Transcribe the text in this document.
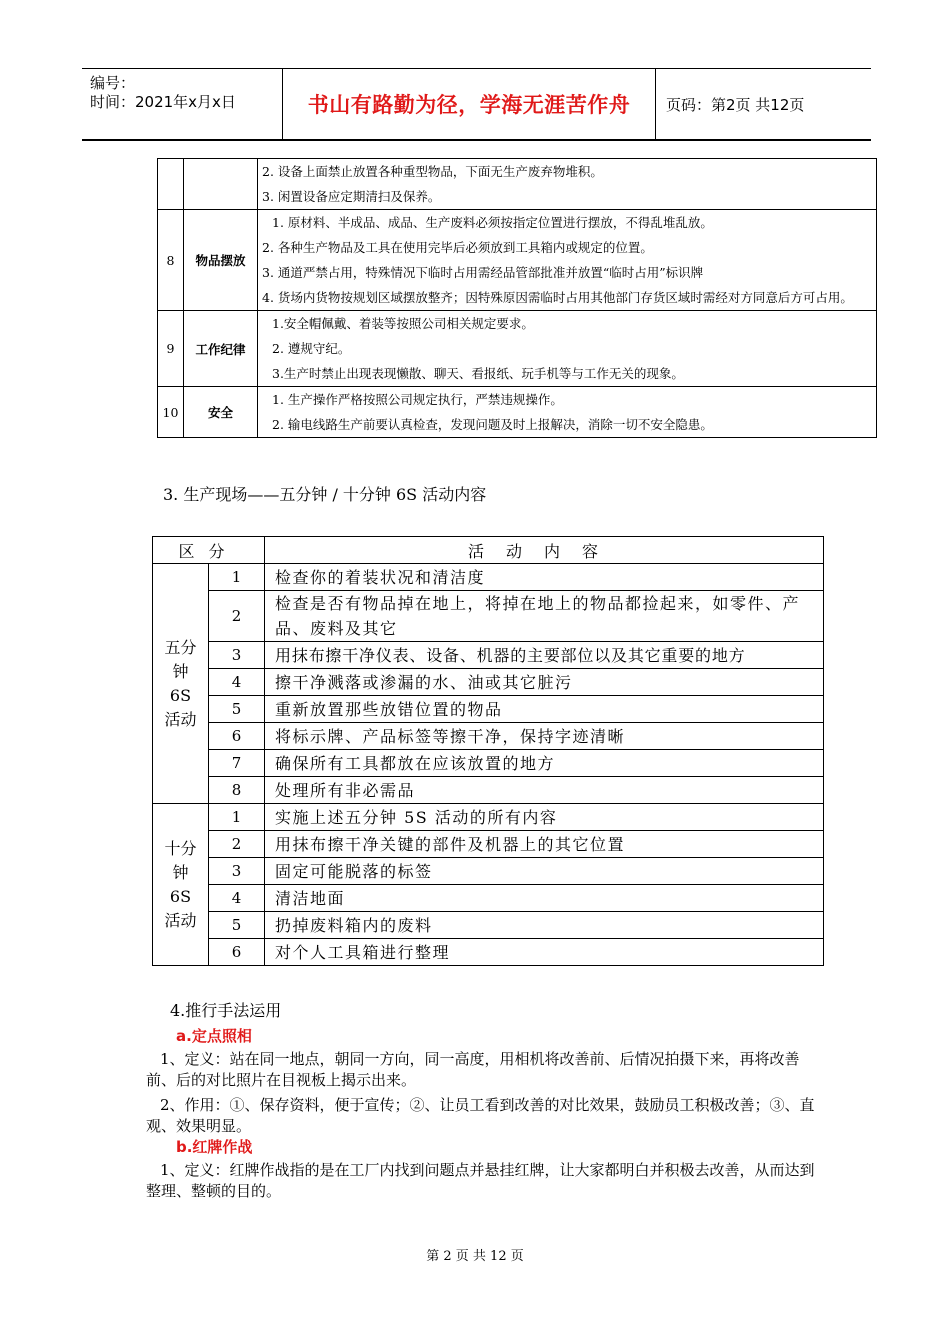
编号：
时间：2021年x月x日	书山有路勤为径，学海无涯苦作舟	页码：第2页 共12页

		2. 设备上面禁止放置各种重型物品，下面无生产废弃物堆积。
3. 闲置设备应定期清扫及保养。

8	物品摆放	1. 原材料、半成品、成品、生产废料必须按指定位置进行摆放，不得乱堆乱放。
2. 各种生产物品及工具在使用完毕后必须放到工具箱内或规定的位置。
3. 通道严禁占用，特殊情况下临时占用需经品管部批准并放置“临时占用”标识牌
4. 货场内货物按规划区域摆放整齐；因特殊原因需临时占用其他部门存货区域时需经对方同意后方可占用。

9	工作纪律	1.安全帽佩戴、着装等按照公司相关规定要求。
2. 遵规守纪。
3.生产时禁止出现表现懒散、聊天、看报纸、玩手机等与工作无关的现象。

10	安全	1. 生产操作严格按照公司规定执行，严禁违规操作。
2. 输电线路生产前要认真检查，发现问题及时上报解决，消除一切不安全隐患。
3. 生产现场——五分钟 / 十分钟 6S 活动内容
区分		活动内容

五分
钟
6S
活动	1	检查你的着装状况和清洁度
	2	检查是否有物品掉在地上，将掉在地上的物品都捡起来，如零件、产品、废料及其它
	3	用抹布擦干净仪表、设备、机器的主要部位以及其它重要的地方
	4	擦干净溅落或渗漏的水、油或其它脏污
	5	重新放置那些放错位置的物品
	6	将标示牌、产品标签等擦干净，保持字迹清晰
	7	确保所有工具都放在应该放置的地方
	8	处理所有非必需品

十分
钟
6S
活动	1	实施上述五分钟 5S 活动的所有内容
	2	用抹布擦干净关键的部件及机器上的其它位置
	3	固定可能脱落的标签
	4	清洁地面
	5	扔掉废料箱内的废料
	6	对个人工具箱进行整理
4.推行手法运用
a.定点照相
1、定义：站在同一地点，朝同一方向，同一高度，用相机将改善前、后情况拍摄下来，再将改善前、后的对比照片在目视板上揭示出来。
2、作用：①、保存资料，便于宣传；②、让员工看到改善的对比效果，鼓励员工积极改善；③、直观、效果明显。
b.红牌作战
1、定义：红牌作战指的是在工厂内找到问题点并悬挂红牌，让大家都明白并积极去改善，从而达到整理、整顿的目的。
第 2 页 共 12 页
